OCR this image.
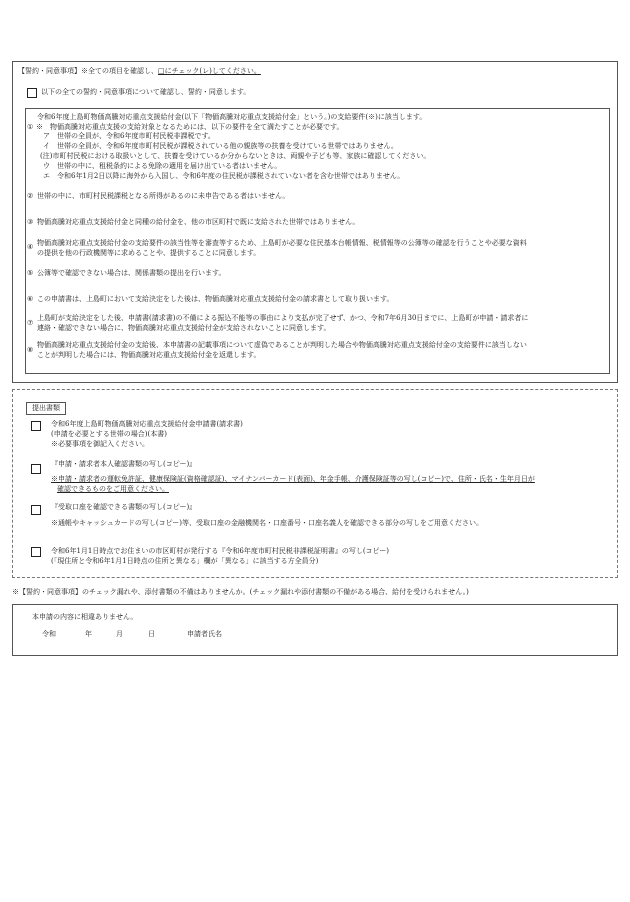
【誓約・同意事項】※全ての項目を確認し、□にチェック(レ)してください。
以下の全ての誓約・同意事項について確認し、誓約・同意します。
令和6年度上島町物価高騰対応重点支援給付金(以下「物価高騰対応重点支援給付金」という。)の支給要件(※)に該当します。
① ※　物価高騰対応重点支援の支給対象となるためには、以下の要件を全て満たすことが必要です。
ア　世帯の全員が、令和6年度市町村民税非課税です。
イ　世帯の全員が、令和6年度市町村民税が課税されている他の親族等の扶養を受けている世帯ではありません。
(注)市町村民税における取扱いとして、扶養を受けているか分からないときは、両親や子ども等、家族に確認してください。
ウ　世帯の中に、租税条約による免除の適用を届け出ている者はいません。
エ　令和6年1月2日以降に海外から入国し、令和6年度の住民税が課税されていない者を含む世帯ではありません。
② 世帯の中に、市町村民税課税となる所得があるのに未申告である者はいません。
③ 物価高騰対応重点支援給付金と同種の給付金を、他の市区町村で既に支給された世帯ではありません。
④ 物価高騰対応重点支援給付金の支給要件の該当性等を審査等するため、上島町が必要な住民基本台帳情報、税情報等の公簿等の確認を行うことや必要な資料
の提供を他の行政機関等に求めることや、提供することに同意します。
⑤ 公簿等で確認できない場合は、関係書類の提出を行います。
⑥ この申請書は、上島町において支給決定をした後は、物価高騰対応重点支援給付金の請求書として取り扱います。
⑦
上島町が支給決定をした後、申請書(請求書)の不備による振込不能等の事由により支払が完了せず、かつ、令和7年6月30日までに、上島町が申請・請求者に
連絡・確認できない場合に、物価高騰対応重点支援給付金が支給されないことに同意します。
⑧
物価高騰対応重点支援給付金の支給後、本申請書の記載事項について虚偽であることが判明した場合や物価高騰対応重点支援給付金の支給要件に該当しない
ことが判明した場合には、物価高騰対応重点支援給付金を返還します。
提出書類
令和6年度上島町物価高騰対応重点支援給付金申請書(請求書)
(申請を必要とする世帯の場合)(本書)
※必要事項を御記入ください。
『申請・請求者本人確認書類の写し(コピー)』
※申請・請求者の運転免許証、健康保険証(資格確認証)、マイナンバーカード(表面)、年金手帳、介護保険証等の写し(コピー)で、住所・氏名・生年月日が
確認できるものをご用意ください。
『受取口座を確認できる書類の写し(コピー)』
※通帳やキャッシュカードの写し(コピー)等、受取口座の金融機関名・口座番号・口座名義人を確認できる部分の写しをご用意ください。
令和6年1月1日時点でお住まいの市区町村が発行する『令和6年度市町村民税非課税証明書』の写し(コピー)
(「現住所と令和6年1月1日時点の住所と異なる」欄が「異なる」に該当する方全員分)
※【誓約・同意事項】のチェック漏れや、添付書類の不備はありませんか。(チェック漏れや添付書類の不備がある場合、給付を受けられません。)
本申請の内容に相違ありません。
令和	年	月	日	申請者氏名
